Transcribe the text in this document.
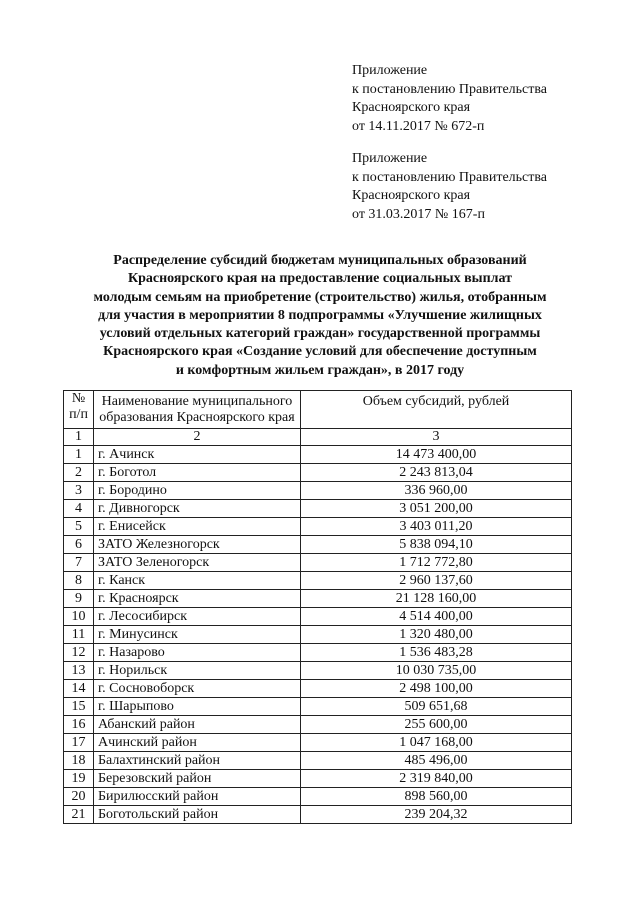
Приложение
к постановлению Правительства
Красноярского края
от 14.11.2017 № 672-п
Приложение
к постановлению Правительства
Красноярского края
от 31.03.2017 № 167-п
Распределение субсидий бюджетам муниципальных образований
Красноярского края на предоставление социальных выплат
молодым семьям на приобретение (строительство) жилья, отобранным
для участия в мероприятии 8 подпрограммы «Улучшение жилищных
условий отдельных категорий граждан» государственной программы
Красноярского края «Создание условий для обеспечение доступным
и комфортным жильем граждан», в 2017 году
№ п/п	Наименование муниципального образования Красноярского края	Объем субсидий, рублей
1	2	3
1	г. Ачинск	14 473 400,00
2	г. Боготол	2 243 813,04
3	г. Бородино	336 960,00
4	г. Дивногорск	3 051 200,00
5	г. Енисейск	3 403 011,20
6	ЗАТО Железногорск	5 838 094,10
7	ЗАТО Зеленогорск	1 712 772,80
8	г. Канск	2 960 137,60
9	г. Красноярск	21 128 160,00
10	г. Лесосибирск	4 514 400,00
11	г. Минусинск	1 320 480,00
12	г. Назарово	1 536 483,28
13	г. Норильск	10 030 735,00
14	г. Сосновоборск	2 498 100,00
15	г. Шарыпово	509 651,68
16	Абанский район	255 600,00
17	Ачинский район	1 047 168,00
18	Балахтинский район	485 496,00
19	Березовский район	2 319 840,00
20	Бирилюсский район	898 560,00
21	Боготольский район	239 204,32
